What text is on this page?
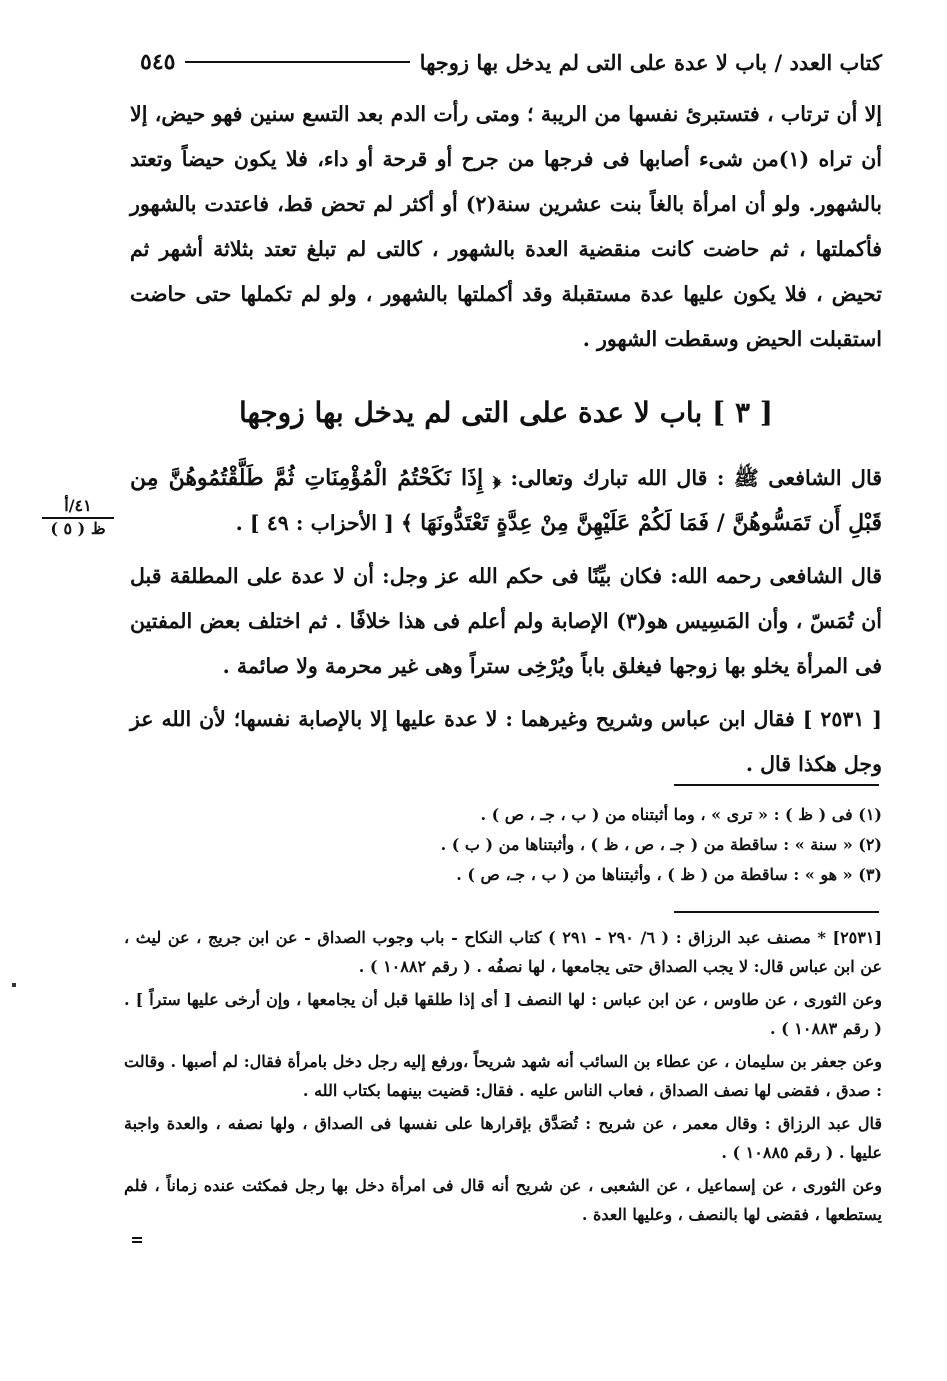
كتاب العدد / باب لا عدة على التى لم يدخل بها زوجها
٥٤٥
إلا أن ترتاب ، فتستبرئ نفسها من الريبة ؛ ومتى رأت الدم بعد التسع سنين فهو حيض، إلا أن تراه (١)من شىء أصابها فى فرجها من جرح أو قرحة أو داء، فلا يكون حيضاً وتعتد بالشهور. ولو أن امرأة بالغاً بنت عشرين سنة(٢) أو أكثر لم تحض قط، فاعتدت بالشهور فأكملتها ، ثم حاضت كانت منقضية العدة بالشهور ، كالتى لم تبلغ تعتد بثلاثة أشهر ثم تحيض ، فلا يكون عليها عدة مستقبلة وقد أكملتها بالشهور ، ولو لم تكملها حتى حاضت استقبلت الحيض وسقطت الشهور .
[ ٣ ] باب لا عدة على التى لم يدخل بها زوجها

قال الشافعى ﷺ : قال الله تبارك وتعالى: ﴿ إِذَا نَكَحْتُمُ الْمُؤْمِنَاتِ ثُمَّ طَلَّقْتُمُوهُنَّ مِن قَبْلِ أَن تَمَسُّوهُنَّ / فَمَا لَكُمْ عَلَيْهِنَّ مِنْ عِدَّةٍ تَعْتَدُّونَهَا ﴾ [ الأحزاب : ٤٩ ] .

قال الشافعى رحمه الله: فكان بيِّنًا فى حكم الله عز وجل: أن لا عدة على المطلقة قبل أن تُمَسّ ، وأن المَسِيس هو(٣) الإصابة ولم أعلم فى هذا خلافًا . ثم اختلف بعض المفتين فى المرأة يخلو بها زوجها فيغلق باباً ويُرْخِى ستراً وهى غير محرمة ولا صائمة .

[ ٢٥٣١ ] فقال ابن عباس وشريح وغيرهما : لا عدة عليها إلا بالإصابة نفسها؛ لأن الله عز وجل هكذا قال .

٤١/أ
ظ ( ٥ )
(١) فى ( ظ ) : « ترى » ، وما أثبتناه من ( ب ، جـ ، ص ) .
(٢) « سنة » : ساقطة من ( جـ ، ص ، ظ ) ، وأثبتناها من ( ب ) .
(٣) « هو » : ساقطة من ( ظ ) ، وأثبتناها من ( ب ، جـ، ص ) .

[٢٥٣١] * مصنف عبد الرزاق : ( ٦/ ٢٩٠ - ٢٩١ ) كتاب النكاح - باب وجوب الصداق - عن ابن جريج ، عن ليث ، عن ابن عباس قال: لا يجب الصداق حتى يجامعها ، لها نصفُه . ( رقم ١٠٨٨٢ ) .

وعن الثورى ، عن طاوس ، عن ابن عباس : لها النصف [ أى إذا طلقها قبل أن يجامعها ، وإن أرخى عليها ستراً ] . ( رقم ١٠٨٨٣ ) .

وعن جعفر بن سليمان ، عن عطاء بن السائب أنه شهد شريحاً ،ورفع إليه رجل دخل بامرأة فقال: لم أصبها . وقالت : صدق ، فقضى لها نصف الصداق ، فعاب الناس عليه . فقال: قضيت بينهما بكتاب الله .

قال عبد الرزاق : وقال معمر ، عن شريح : تُصَدَّق بإقرارها على نفسها فى الصداق ، ولها نصفه ، والعدة واجبة عليها . ( رقم ١٠٨٨٥ ) .

وعن الثورى ، عن إسماعيل ، عن الشعبى ، عن شريح أنه قال فى امرأة دخل بها رجل فمكثت عنده زماناً ، فلم يستطعها ، فقضى لها بالنصف ، وعليها العدة .
